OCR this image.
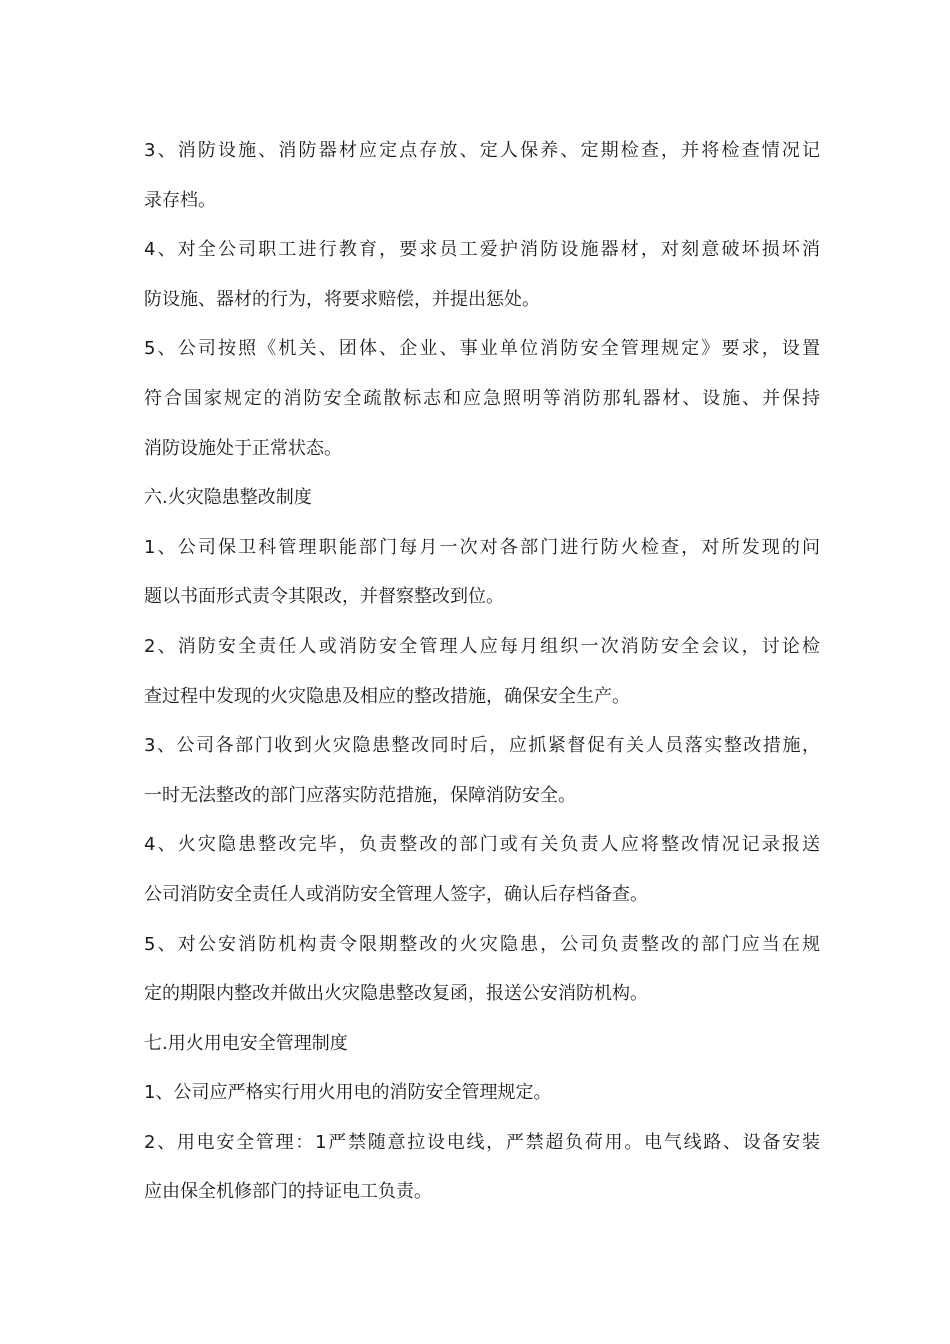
3、消防设施、消防器材应定点存放、定人保养、定期检查，并将检查情况记
录存档。
4、对全公司职工进行教育，要求员工爱护消防设施器材，对刻意破坏损坏消
防设施、器材的行为，将要求赔偿，并提出惩处。
5、公司按照《机关、团体、企业、事业单位消防安全管理规定》要求，设置
符合国家规定的消防安全疏散标志和应急照明等消防那轧器材、设施、并保持
消防设施处于正常状态。
六.火灾隐患整改制度
1、公司保卫科管理职能部门每月一次对各部门进行防火检查，对所发现的问
题以书面形式责令其限改，并督察整改到位。
2、消防安全责任人或消防安全管理人应每月组织一次消防安全会议，讨论检
查过程中发现的火灾隐患及相应的整改措施，确保安全生产。
3、公司各部门收到火灾隐患整改同时后，应抓紧督促有关人员落实整改措施，
一时无法整改的部门应落实防范措施，保障消防安全。
4、火灾隐患整改完毕，负责整改的部门或有关负责人应将整改情况记录报送
公司消防安全责任人或消防安全管理人签字，确认后存档备查。
5、对公安消防机构责令限期整改的火灾隐患，公司负责整改的部门应当在规
定的期限内整改并做出火灾隐患整改复函，报送公安消防机构。
七.用火用电安全管理制度
1、公司应严格实行用火用电的消防安全管理规定。
2、用电安全管理：1严禁随意拉设电线，严禁超负荷用。电气线路、设备安装
应由保全机修部门的持证电工负责。
